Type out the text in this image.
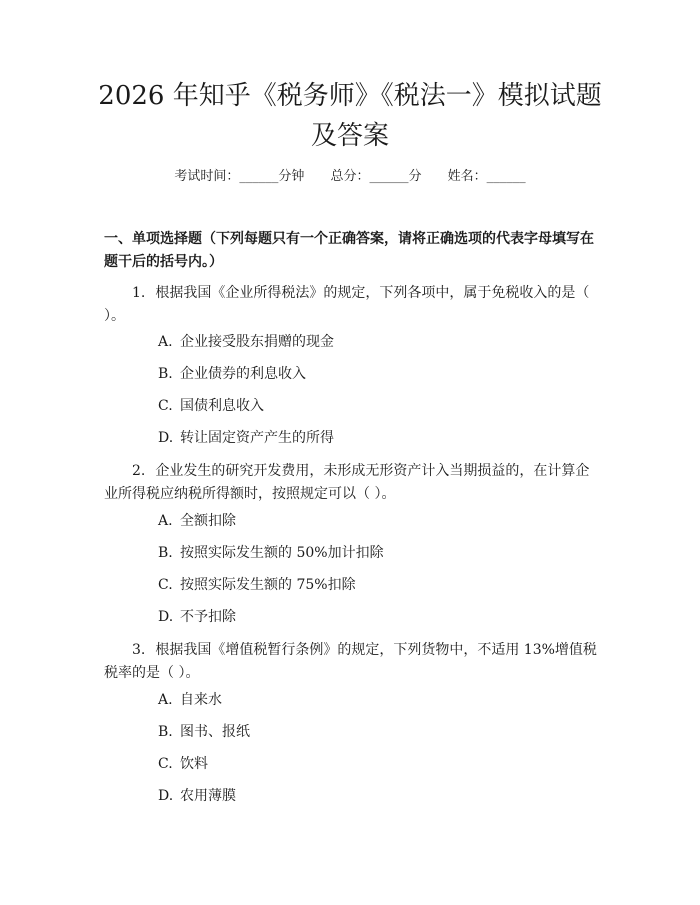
2026 年知乎《税务师》《税法一》模拟试题
及答案
考试时间：______分钟 总分：______分 姓名：______
一、单项选择题（下列每题只有一个正确答案，请将正确选项的代表字母填写在题干后的括号内。）
1. 根据我国《企业所得税法》的规定，下列各项中，属于免税收入的是（ ）。
A. 企业接受股东捐赠的现金
B. 企业债券的利息收入
C. 国债利息收入
D. 转让固定资产产生的所得
2. 企业发生的研究开发费用，未形成无形资产计入当期损益的，在计算企业所得税应纳税所得额时，按照规定可以（ ）。
A. 全额扣除
B. 按照实际发生额的 50%加计扣除
C. 按照实际发生额的 75%扣除
D. 不予扣除
3. 根据我国《增值税暂行条例》的规定，下列货物中，不适用 13%增值税税率的是（ ）。
A. 自来水
B. 图书、报纸
C. 饮料
D. 农用薄膜
